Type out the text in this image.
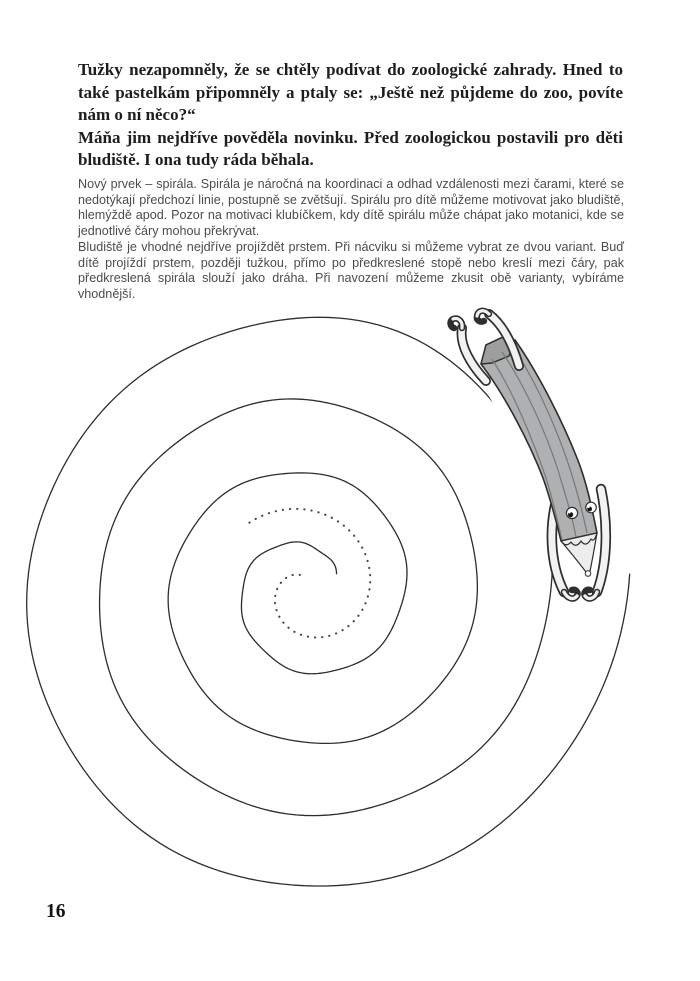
Tužky nezapomněly, že se chtěly podívat do zoologické zahrady. Hned to také pastelkám připomněly a ptaly se: „Ještě než půjdeme do zoo, povíte nám o ní něco?“

Máňa jim nejdříve pověděla novinku. Před zoologickou postavili pro děti bludiště. I ona tudy ráda běhala.

Nový prvek – spirála. Spirála je náročná na koordinaci a odhad vzdálenosti mezi čarami, které se nedotýkají předchozí linie, postupně se zvětšují. Spirálu pro dítě můžeme motivovat jako bludiště, hlemýždě apod. Pozor na motivaci klubíčkem, kdy dítě spirálu může chápat jako motanici, kde se jednotlivé čáry mohou překrývat.

Bludiště je vhodné nejdříve projíždět prstem. Při nácviku si můžeme vybrat ze dvou variant. Buď dítě projíždí prstem, později tužkou, přímo po předkreslené stopě nebo kreslí mezi čáry, pak předkreslená spirála slouží jako dráha. Při navození můžeme zkusit obě varianty, vybíráme vhodnější.

16
